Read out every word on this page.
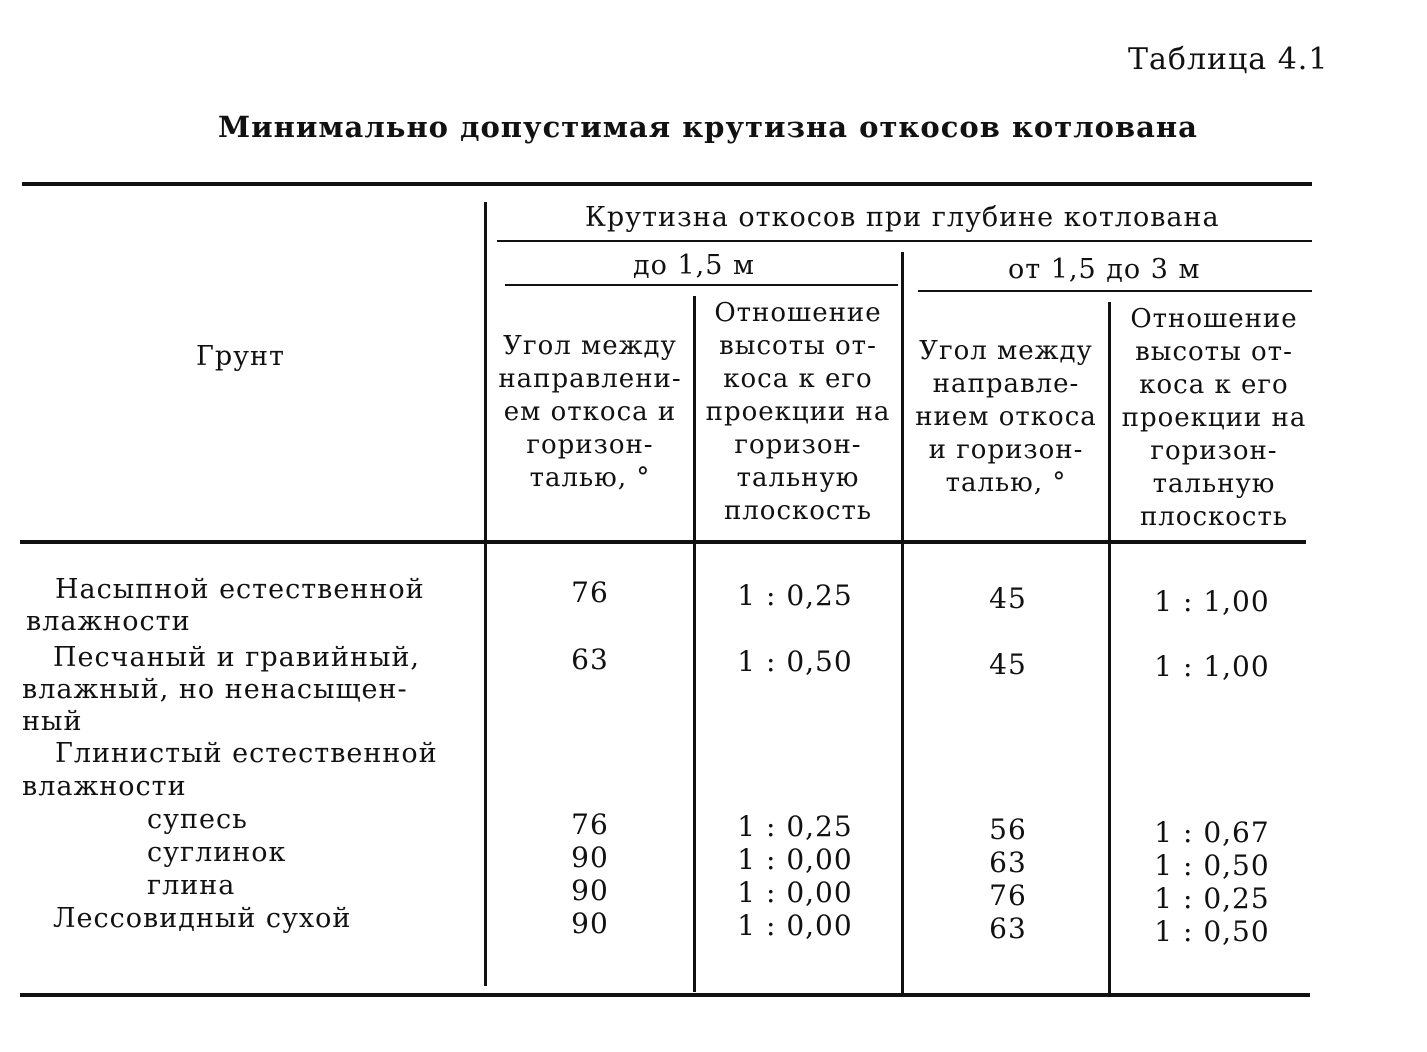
Таблица 4.1
Минимально допустимая крутизна откосов котлована
Грунт
Крутизна откосов при глубине котлована
до 1,5 м	от 1,5 до 3 м
Угол между направлени-ем откоса и горизон-талью, °
Отношение высоты от-коса к его проекции на горизон-тальную плоскость
Угол между направле-нием откоса и горизон-талью, °
Отношение высоты от-коса к его проекции на горизон-тальную плоскость
Насыпной естественной
влажности
76	1 : 0,25	45	1 : 1,00
Песчаный и гравийный,
влажный, но ненасыщен-
ный
63	1 : 0,50	45	1 : 1,00
Глинистый естественной
влажности
супесь	76	1 : 0,25	56	1 : 0,67
суглинок	90	1 : 0,00	63	1 : 0,50
глина	90	1 : 0,00	76	1 : 0,25
Лессовидный сухой	90	1 : 0,00	63	1 : 0,50
